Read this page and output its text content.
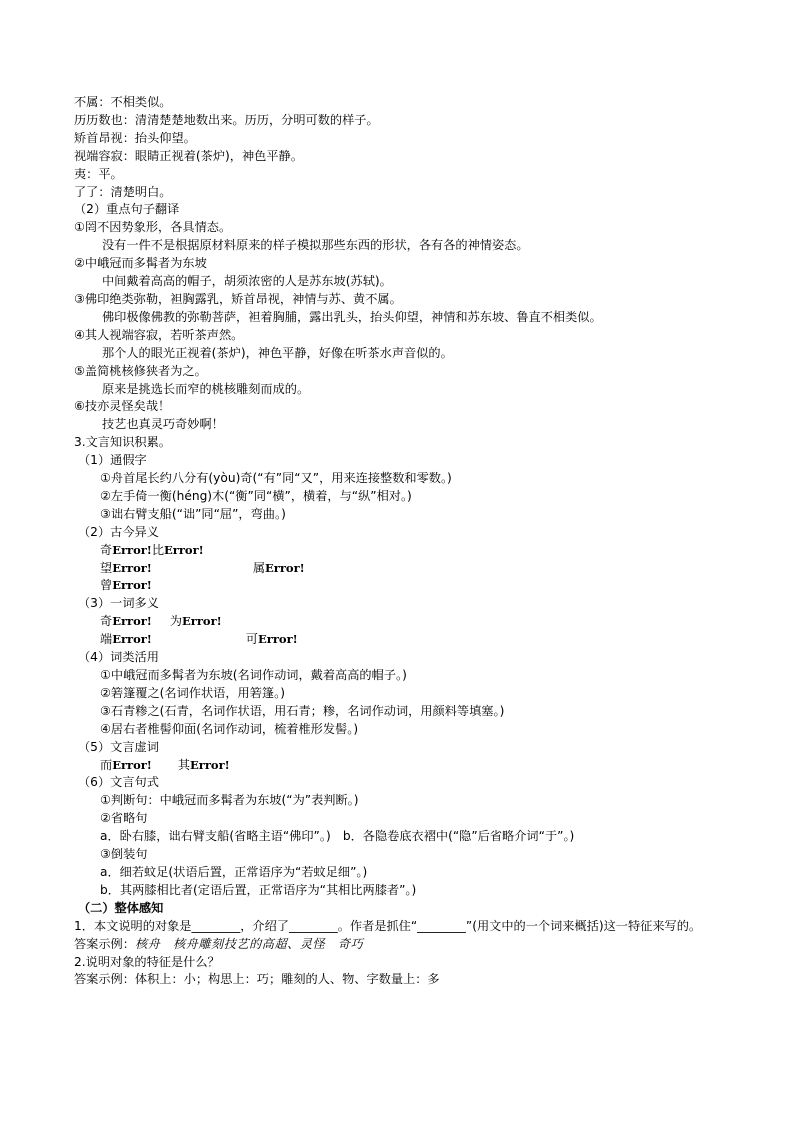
不属：不相类似。
历历数也：清清楚楚地数出来。历历，分明可数的样子。
矫首昂视：抬头仰望。
视端容寂：眼睛正视着(茶炉)，神色平静。
夷：平。
了了：清楚明白。
（2）重点句子翻译
①罔不因势象形，各具情态。
没有一件不是根据原材料原来的样子模拟那些东西的形状，各有各的神情姿态。
②中峨冠而多髯者为东坡
中间戴着高高的帽子，胡须浓密的人是苏东坡(苏轼)。
③佛印绝类弥勒，袒胸露乳，矫首昂视，神情与苏、黄不属。
佛印极像佛教的弥勒菩萨，袒着胸脯，露出乳头，抬头仰望，神情和苏东坡、鲁直不相类似。
④其人视端容寂，若听茶声然。
那个人的眼光正视着(茶炉)，神色平静，好像在听茶水声音似的。
⑤盖简桃核修狭者为之。
原来是挑选长而窄的桃核雕刻而成的。
⑥技亦灵怪矣哉！
技艺也真灵巧奇妙啊！
3.文言知识积累。
（1）通假字
①舟首尾长约八分有(yòu)奇(“有”同“又”，用来连接整数和零数。)
②左手倚一衡(héng)木(“衡”同“横”，横着，与“纵”相对。)
③诎右臂支船(“诎”同“屈”，弯曲。)
（2）古今异义
奇Error!比Error!
望Error!	属Error!
曾Error!
（3）一词多义
奇Error! 为Error!
端Error!	可Error!
（4）词类活用
①中峨冠而多髯者为东坡(名词作动词，戴着高高的帽子。)
②箬篷覆之(名词作状语，用箬篷。)
③石青糁之(石青，名词作状语，用石青；糁，名词作动词，用颜料等填塞。)
④居右者椎髻仰面(名词作动词，梳着椎形发髻。)
（5）文言虚词
而Error! 其Error!
（6）文言句式
①判断句：中峨冠而多髯者为东坡(“为”表判断。)
②省略句
a．卧右膝，诎右臂支船(省略主语“佛印”。)　b．各隐卷底衣褶中(“隐”后省略介词“于”。)
③倒装句
a．细若蚊足(状语后置，正常语序为“若蚊足细”。)
b．其两膝相比者(定语后置，正常语序为“其相比两膝者”。)
（二）整体感知
1．本文说明的对象是________，介绍了________。作者是抓住“________”(用文中的一个词来概括)这一特征来写的。
答案示例：核舟　核舟雕刻技艺的高超、灵怪　奇巧
2.说明对象的特征是什么？
答案示例：体积上：小；构思上：巧；雕刻的人、物、字数量上：多
